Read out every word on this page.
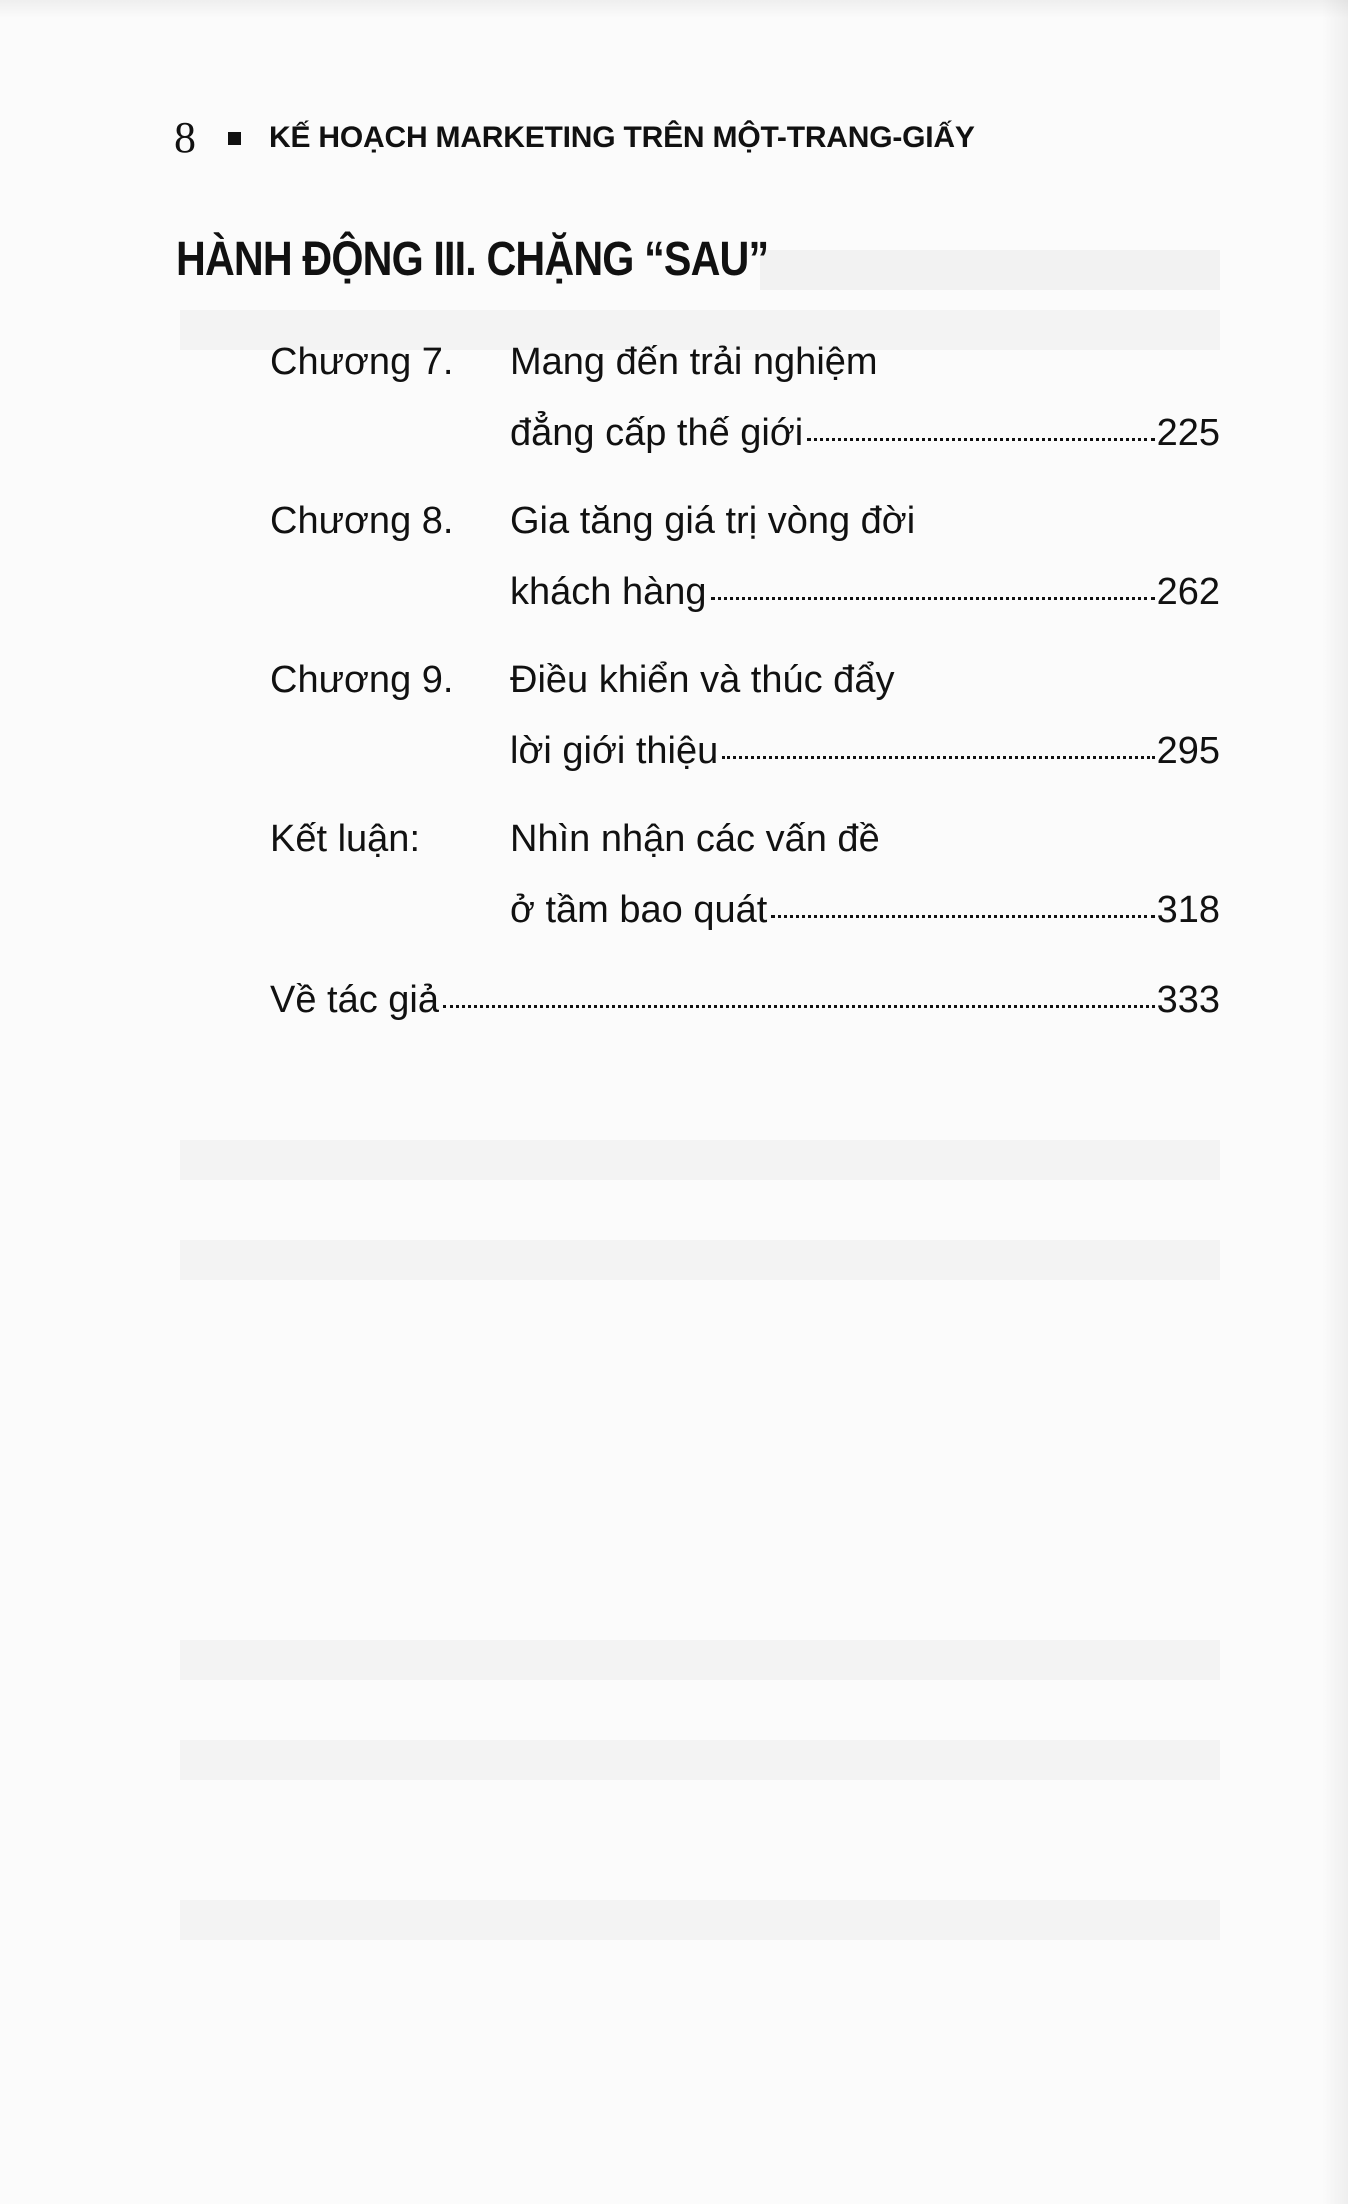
8 KẾ HOẠCH MARKETING TRÊN MỘT-TRANG-GIẤY
HÀNH ĐỘNG III. CHẶNG “SAU”
Chương 7. Mang đến trải nghiệm
đẳng cấp thế giới	225
Chương 8. Gia tăng giá trị vòng đời
khách hàng	262
Chương 9. Điều khiển và thúc đẩy
lời giới thiệu	295
Kết luận: Nhìn nhận các vấn đề
ở tầm bao quát	318
Về tác giả	333
